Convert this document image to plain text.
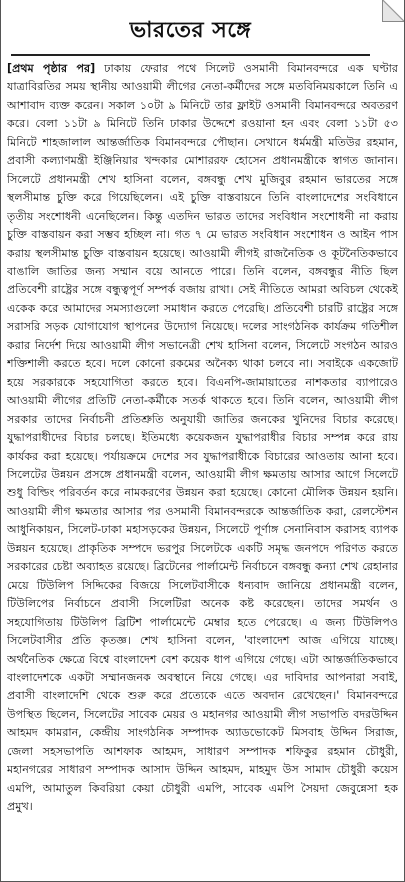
ভারতের সঙ্গে

[প্রথম পৃষ্ঠার পর] ঢাকায় ফেরার পথে সিলেট ওসমানী বিমানবন্দরে এক ঘণ্টার যাত্রাবিরতির সময় স্থানীয় আওয়ামী লীগের নেতা-কর্মীদের সঙ্গে মতবিনিময়কালে তিনি এ আশাবাদ ব্যক্ত করেন। সকাল ১০টা ৯ মিনিটে তার ফ্লাইট ওসমানী বিমানবন্দরে অবতরণ করে। বেলা ১১টা ৯ মিনিটে তিনি ঢাকার উদ্দেশে রওয়ানা হন এবং বেলা ১১টা ৫৩ মিনিটে শাহজালাল আন্তর্জাতিক বিমানবন্দরে পৌছান। সেখানে ধর্মমন্ত্রী মতিউর রহমান, প্রবাসী কল্যাণমন্ত্রী ইঞ্জিনিয়ার খন্দকার মোশাররফ হোসেন প্রধানমন্ত্রীকে স্বাগত জানান। সিলেটে প্রধানমন্ত্রী শেখ হাসিনা বলেন, বঙ্গবন্ধু শেখ মুজিবুর রহমান ভারতের সঙ্গে স্থলসীমান্ত চুক্তি করে গিয়েছিলেন। এই চুক্তি বাস্তবায়নে তিনি বাংলাদেশের সংবিধানে তৃতীয় সংশোধনী এনেছিলেন। কিন্তু এতদিন ভারত তাদের সংবিধান সংশোধনী না করায় চুক্তি বাস্তবায়ন করা সম্ভব হচ্ছিল না। গত ৭ মে ভারত সংবিধান সংশোধন ও আইন পাস করায় স্থলসীমান্ত চুক্তি বাস্তবায়ন হয়েছে। আওয়ামী লীগই রাজনৈতিক ও কূটনৈতিকভাবে বাঙালি জাতির জন্য সম্মান বয়ে আনতে পারে। তিনি বলেন, বঙ্গবন্ধুর নীতি ছিল প্রতিবেশী রাষ্ট্রের সঙ্গে বন্ধুত্বপূর্ণ সম্পর্ক বজায় রাখা। সেই নীতিতে আমরা অবিচল থেকেই একেক করে আমাদের সমস্যাগুলো সমাধান করতে পেরেছি। প্রতিবেশী চারটি রাষ্ট্রের সঙ্গে সরাসরি সড়ক যোগাযোগ স্থাপনের উদ্যোগ নিয়েছে। দলের সাংগঠনিক কার্যক্রম গতিশীল করার নির্দেশ দিয়ে আওয়ামী লীগ সভানেত্রী শেখ হাসিনা বলেন, সিলেটে সংগঠন আরও শক্তিশালী করতে হবে। দলে কোনো রকমের অনৈক্য থাকা চলবে না। সবাইকে একজোট হয়ে সরকারকে সহযোগিতা করতে হবে। বিএনপি-জামায়াতের নাশকতার ব্যাপারেও আওয়ামী লীগের প্রতিটি নেতা-কর্মীকে সতর্ক থাকতে হবে। তিনি বলেন, আওয়ামী লীগ সরকার তাদের নির্বাচনী প্রতিশ্রুতি অনুযায়ী জাতির জনকের খুনিদের বিচার করেছে। যুদ্ধাপরাধীদের বিচার চলছে। ইতিমধ্যে কয়েকজন যুদ্ধাপরাধীর বিচার সম্পন্ন করে রায় কার্যকর করা হয়েছে। পর্যায়ক্রমে দেশের সব যুদ্ধাপরাধীকে বিচারের আওতায় আনা হবে। সিলেটের উন্নয়ন প্রসঙ্গে প্রধানমন্ত্রী বলেন, আওয়ামী লীগ ক্ষমতায় আসার আগে সিলেটে শুধু বিল্ডিং পরিবর্তন করে নামকরণের উন্নয়ন করা হয়েছে। কোনো মৌলিক উন্নয়ন হয়নি। আওয়ামী লীগ ক্ষমতার আসার পর ওসমানী বিমানবন্দরকে আন্তর্জাতিক করা, রেলস্টেশন আধুনিকায়ন, সিলেট-ঢাকা মহাসড়কের উন্নয়ন, সিলেটে পূর্ণাঙ্গ সেনানিবাস করাসহ ব্যাপক উন্নয়ন হয়েছে। প্রাকৃতিক সম্পদে ভরপুর সিলেটকে একটি সমৃদ্ধ জনপদে পরিণত করতে সরকারের চেষ্টা অব্যাহত রয়েছে। ব্রিটেনের পার্লামেন্ট নির্বাচনে বঙ্গবন্ধু কন্যা শেখ রেহানার মেয়ে টিউলিপ সিদ্দিকের বিজয়ে সিলেটবাসীকে ধন্যবাদ জানিয়ে প্রধানমন্ত্রী বলেন, টিউলিপের নির্বাচনে প্রবাসী সিলেটিরা অনেক কষ্ট করেছেন। তাদের সমর্থন ও সহযোগিতায় টিউলিপ ব্রিটিশ পার্লামেন্টে মেম্বার হতে পেরেছে। এ জন্য টিউলিপও সিলেটবাসীর প্রতি কৃতজ্ঞ। শেখ হাসিনা বলেন, 'বাংলাদেশ আজ এগিয়ে যাচ্ছে। অর্থনৈতিক ক্ষেত্রে বিশ্বে বাংলাদেশ বেশ কয়েক ধাপ এগিয়ে গেছে। এটা আন্তর্জাতিকভাবে বাংলাদেশকে একটা সম্মানজনক অবস্থানে নিয়ে গেছে। এর দাবিদার আপনারা সবাই, প্রবাসী বাংলাদেশি থেকে শুরু করে প্রত্যেকে এতে অবদান রেখেছেন।' বিমানবন্দরে উপস্থিত ছিলেন, সিলেটের সাবেক মেয়র ও মহানগর আওয়ামী লীগ সভাপতি বদরউদ্দিন আহমদ কামরান, কেন্দ্রীয় সাংগঠনিক সম্পাদক অ্যাডভোকেট মিসবাহ উদ্দিন সিরাজ, জেলা সহসভাপতি আশফাক আহমদ, সাধারণ সম্পাদক শফিকুর রহমান চৌধুরী, মহানগরের সাধারণ সম্পাদক আসাদ উদ্দিন আহমদ, মাহমুদ উস সামাদ চৌধুরী কয়েস এমপি, আমাতুল কিবরিয়া কেয়া চৌধুরী এমপি, সাবেক এমপি সৈয়দা জেবুন্নেসা হক প্রমুখ।
